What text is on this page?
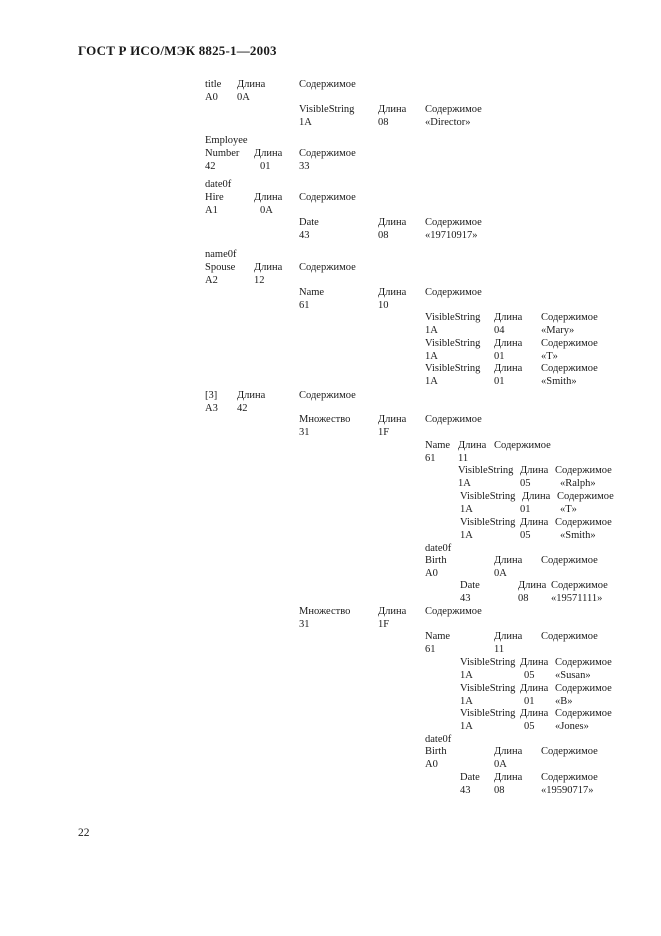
ГОСТ Р ИСО/МЭК 8825-1—2003
title
A0
Длина
0A
Содержимое
VisibleString
1A
Длина
08
Содержимое
«Director»
Employee
Number
42
Длина
01
Содержимое
33
date0f
Hire
A1
Длина
0A
Содержимое
Date
43
Длина
08
Содержимое
«19710917»
name0f
Spouse
A2
Длина
12
Содержимое
Name
61
Длина
10
Содержимое
[3]
A3
Длина
42
Содержимое
VisibleString
1A
Длина
04
Содержимое
«Mary»
VisibleString
1A
Длина
01
Содержимое
«T»
VisibleString
1A
Длина
01
Содержимое
«Smith»
Множество
31
Длина
1F
Содержимое
Name
61
Длина
11
Содержимое
VisibleString
1A
Длина
05
Содержимое
«Ralph»
VisibleString
1A
Длина
01
Содержимое
«T»
VisibleString
1A
Длина
05
Содержимое
«Smith»
date0f
Birth
A0
Длина
0A
Содержимое
Date
43
Длина
08
Содержимое
«19571111»
Множество
31
Длина
1F
Содержимое
Name
61
Длина
11
Содержимое
VisibleString
1A
Длина
05
Содержимое
«Susan»
VisibleString
1A
Длина
01
Содержимое
«B»
VisibleString
1A
Длина
05
Содержимое
«Jones»
date0f
Birth
A0
Длина
0A
Содержимое
Date
43
Длина
08
Содержимое
«19590717»
22
